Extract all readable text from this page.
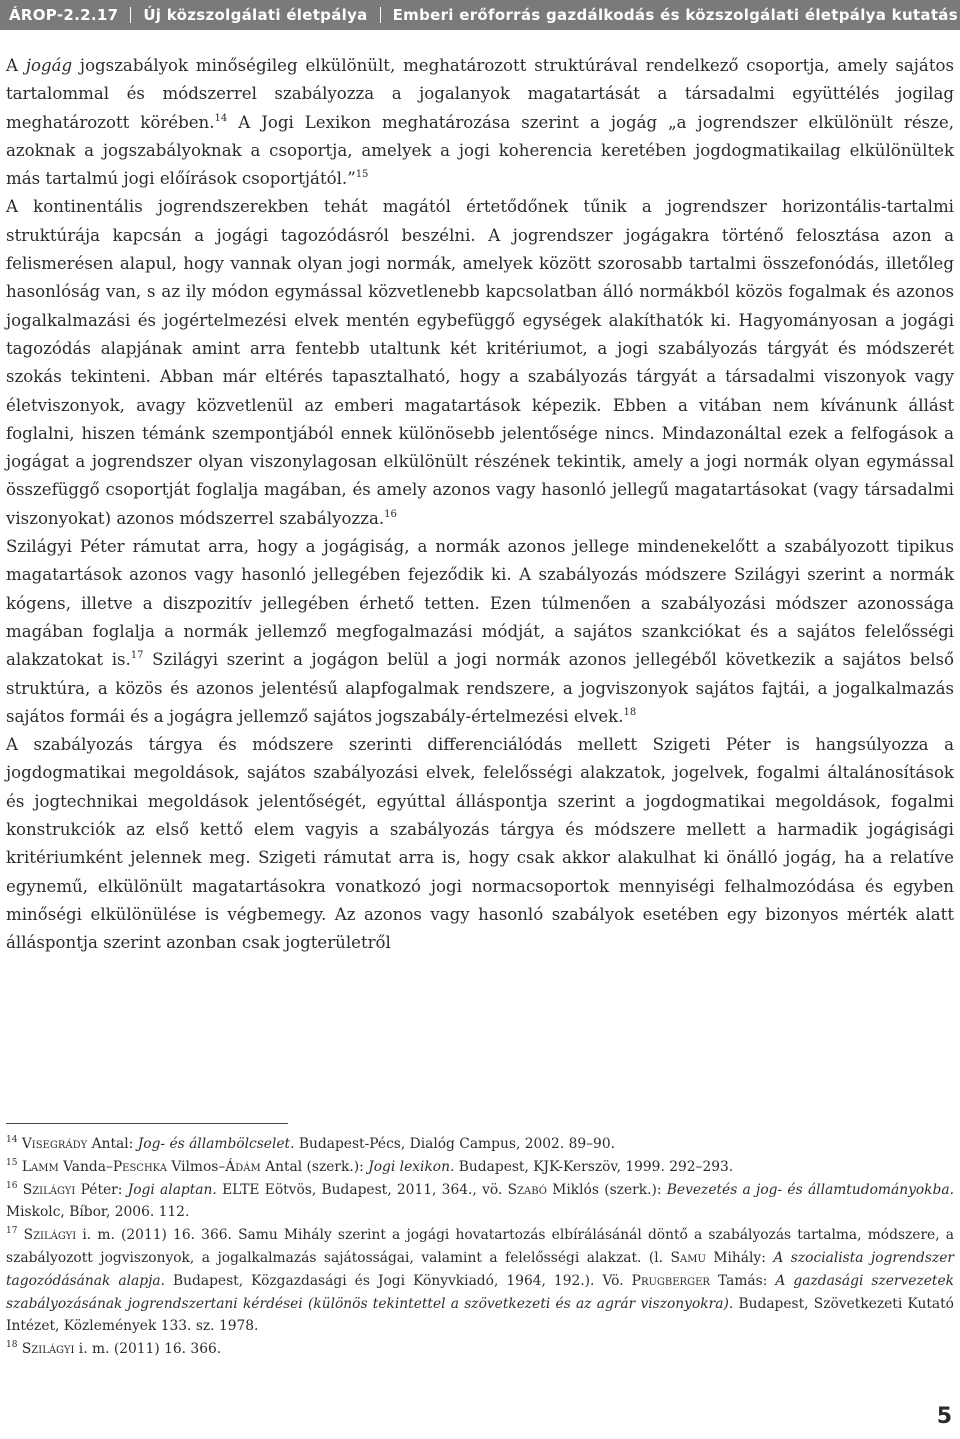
ÁROP-2.2.17 Új közszolgálati életpálya Emberi erőforrás gazdálkodás és közszolgálati életpálya kutatás

A jogág jogszabályok minőségileg elkülönült, meghatározott struktúrával rendelkező csoportja, amely sajátos tartalommal és módszerrel szabályozza a jogalanyok magatartását a társadalmi együttélés jogilag meghatározott körében.$^{14}$ A Jogi Lexikon meghatározása szerint a jogág „a jogrendszer elkülönült része, azoknak a jogszabályoknak a csoportja, amelyek a jogi koherencia keretében jogdogmatikailag elkülönültek más tartalmú jogi előírások csoportjától.”$^{15}$

A kontinentális jogrendszerekben tehát magától értetődőnek tűnik a jogrendszer horizontális-tartalmi struktúrája kapcsán a jogági tagozódásról beszélni. A jogrendszer jogágakra történő felosztása azon a felismerésen alapul, hogy vannak olyan jogi normák, amelyek között szorosabb tartalmi összefonódás, illetőleg hasonlóság van, s az ily módon egymással közvetlenebb kapcsolatban álló normákból közös fogalmak és azonos jogalkalmazási és jogértelmezési elvek mentén egybefüggő egységek alakíthatók ki. Hagyományosan a jogági tagozódás alapjának amint arra fentebb utaltunk két kritériumot, a jogi szabályozás tárgyát és módszerét szokás tekinteni. Abban már eltérés tapasztalható, hogy a szabályozás tárgyát a társadalmi viszonyok vagy életviszonyok, avagy közvetlenül az emberi magatartások képezik. Ebben a vitában nem kívánunk állást foglalni, hiszen témánk szempontjából ennek különösebb jelentősége nincs. Mindazonáltal ezek a felfogások a jogágat a jogrendszer olyan viszonylagosan elkülönült részének tekintik, amely a jogi normák olyan egymással összefüggő csoportját foglalja magában, és amely azonos vagy hasonló jellegű magatartásokat (vagy társadalmi viszonyokat) azonos módszerrel szabályozza.$^{16}$

Szilágyi Péter rámutat arra, hogy a jogágiság, a normák azonos jellege mindenekelőtt a szabályozott tipikus magatartások azonos vagy hasonló jellegében fejeződik ki. A szabályozás módszere Szilágyi szerint a normák kógens, illetve a diszpozitív jellegében érhető tetten. Ezen túlmenően a szabályozási módszer azonossága magában foglalja a normák jellemző megfogalmazási módját, a sajátos szankciókat és a sajátos felelősségi alakzatokat is.$^{17}$ Szilágyi szerint a jogágon belül a jogi normák azonos jellegéből következik a sajátos belső struktúra, a közös és azonos jelentésű alapfogalmak rendszere, a jogviszonyok sajátos fajtái, a jogalkalmazás sajátos formái és a jogágra jellemző sajátos jogszabály-értelmezési elvek.$^{18}$

A szabályozás tárgya és módszere szerinti differenciálódás mellett Szigeti Péter is hangsúlyozza a jogdogmatikai megoldások, sajátos szabályozási elvek, felelősségi alakzatok, jogelvek, fogalmi általánosítások és jogtechnikai megoldások jelentőségét, egyúttal álláspontja szerint a jogdogmatikai megoldások, fogalmi konstrukciók az első kettő elem vagyis a szabályozás tárgya és módszere mellett a harmadik jogágisági kritériumként jelennek meg. Szigeti rámutat arra is, hogy csak akkor alakulhat ki önálló jogág, ha a relatíve egynemű, elkülönült magatartásokra vonatkozó jogi normacsoportok mennyiségi felhalmozódása és egyben minőségi elkülönülése is végbemegy. Az azonos vagy hasonló szabályok esetében egy bizonyos mérték alatt álláspontja szerint azonban csak jogterületről

$^{14}$ Visegrády Antal: Jog- és állambölcselet. Budapest-Pécs, Dialóg Campus, 2002. 89–90.

$^{15}$ Lamm Vanda–Peschka Vilmos–Ádám Antal (szerk.): Jogi lexikon. Budapest, KJK-Kerszöv, 1999. 292–293.

$^{16}$ Szilágyi Péter: Jogi alaptan. ELTE Eötvös, Budapest, 2011, 364., vö. Szabó Miklós (szerk.): Bevezetés a jog- és államtudományokba. Miskolc, Bíbor, 2006. 112.

$^{17}$ Szilágyi i. m. (2011) 16. 366. Samu Mihály szerint a jogági hovatartozás elbírálásánál döntő a szabályozás tartalma, módszere, a szabályozott jogviszonyok, a jogalkalmazás sajátosságai, valamint a felelősségi alakzat. (l. Samu Mihály: A szocialista jogrendszer tagozódásának alapja. Budapest, Közgazdasági és Jogi Könyvkiadó, 1964, 192.). Vö. Prugberger Tamás: A gazdasági szervezetek szabályozásának jogrendszertani kérdései (különös tekintettel a szövetkezeti és az agrár viszonyokra). Budapest, Szövetkezeti Kutató Intézet, Közlemények 133. sz. 1978.

$^{18}$ Szilágyi i. m. (2011) 16. 366.

5
